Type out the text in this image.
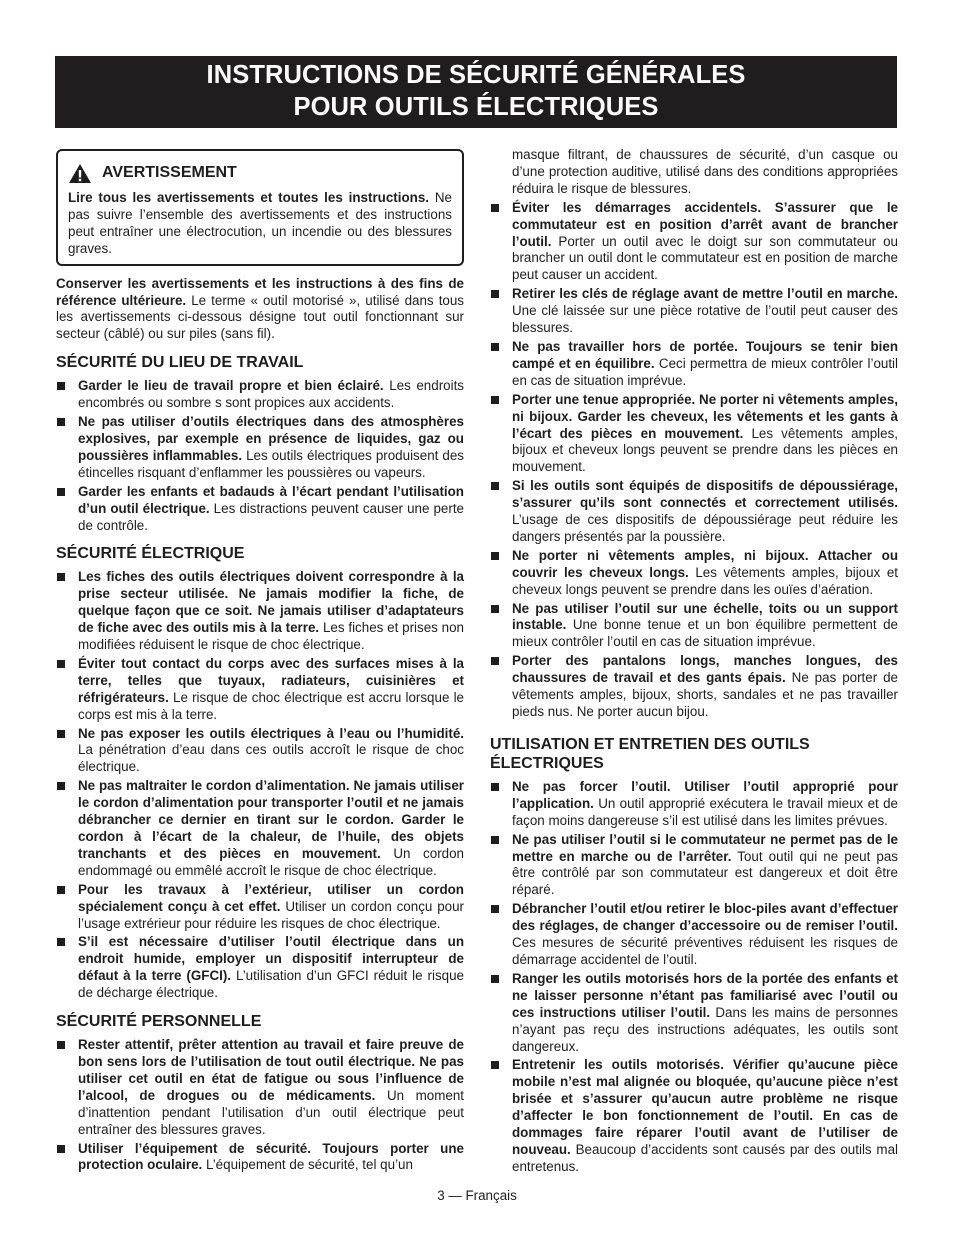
INSTRUCTIONS DE SÉCURITÉ GÉNÉRALES
POUR OUTILS ÉLECTRIQUES
AVERTISSEMENT

Lire tous les avertissements et toutes les instructions. Ne pas suivre l’ensemble des avertissements et des instructions peut entraîner une électrocution, un incendie ou des blessures graves.

Conserver les avertissements et les instructions à des fins de référence ultérieure. Le terme « outil motorisé », utilisé dans tous les avertissements ci-dessous désigne tout outil fonctionnant sur secteur (câblé) ou sur piles (sans fil).

SÉCURITÉ DU LIEU DE TRAVAIL
Garder le lieu de travail propre et bien éclairé. Les endroits encombrés ou sombre s sont propices aux accidents.
Ne pas utiliser d’outils électriques dans des atmosphères explosives, par exemple en présence de liquides, gaz ou poussières inflammables. Les outils électriques produisent des étincelles risquant d’enflammer les poussières ou vapeurs.
Garder les enfants et badauds à l’écart pendant l’utilisation d’un outil électrique. Les distractions peuvent causer une perte de contrôle.
SÉCURITÉ ÉLECTRIQUE
Les fiches des outils électriques doivent correspondre à la prise secteur utilisée. Ne jamais modifier la fiche, de quelque façon que ce soit. Ne jamais utiliser d’adaptateurs de fiche avec des outils mis à la terre. Les fiches et prises non modifiées réduisent le risque de choc électrique.
Éviter tout contact du corps avec des surfaces mises à la terre, telles que tuyaux, radiateurs, cuisinières et réfrigérateurs. Le risque de choc électrique est accru lorsque le corps est mis à la terre.
Ne pas exposer les outils électriques à l’eau ou l’humidité. La pénétration d’eau dans ces outils accroît le risque de choc électrique.
Ne pas maltraiter le cordon d’alimentation. Ne jamais utiliser le cordon d’alimentation pour transporter l’outil et ne jamais débrancher ce dernier en tirant sur le cordon. Garder le cordon à l’écart de la chaleur, de l’huile, des objets tranchants et des pièces en mouvement. Un cordon endommagé ou emmêlé accroît le risque de choc électrique.
Pour les travaux à l’extérieur, utiliser un cordon spécialement conçu à cet effet. Utiliser un cordon conçu pour l’usage extrérieur pour réduire les risques de choc électrique.
S’il est nécessaire d’utiliser l’outil électrique dans un endroit humide, employer un dispositif interrupteur de défaut à la terre (GFCI). L’utilisation d’un GFCI réduit le risque de décharge électrique.
SÉCURITÉ PERSONNELLE
Rester attentif, prêter attention au travail et faire preuve de bon sens lors de l’utilisation de tout outil électrique. Ne pas utiliser cet outil en état de fatigue ou sous l’influence de l’alcool, de drogues ou de médicaments. Un moment d’inattention pendant l’utilisation d’un outil électrique peut entraîner des blessures graves.
Utiliser l’équipement de sécurité. Toujours porter une protection oculaire. L’équipement de sécurité, tel qu’un
masque filtrant, de chaussures de sécurité, d’un casque ou d’une protection auditive, utilisé dans des conditions appropriées réduira le risque de blessures.
Éviter les démarrages accidentels. S’assurer que le commutateur est en position d’arrêt avant de brancher l’outil. Porter un outil avec le doigt sur son commutateur ou brancher un outil dont le commutateur est en position de marche peut causer un accident.
Retirer les clés de réglage avant de mettre l’outil en marche. Une clé laissée sur une pièce rotative de l’outil peut causer des blessures.
Ne pas travailler hors de portée. Toujours se tenir bien campé et en équilibre. Ceci permettra de mieux contrôler l’outil en cas de situation imprévue.
Porter une tenue appropriée. Ne porter ni vêtements amples, ni bijoux. Garder les cheveux, les vêtements et les gants à l’écart des pièces en mouvement. Les vêtements amples, bijoux et cheveux longs peuvent se prendre dans les pièces en mouvement.
Si les outils sont équipés de dispositifs de dépoussiérage, s’assurer qu’ils sont connectés et correctement utilisés. L’usage de ces dispositifs de dépoussiérage peut réduire les dangers présentés par la poussière.
Ne porter ni vêtements amples, ni bijoux. Attacher ou couvrir les cheveux longs. Les vêtements amples, bijoux et cheveux longs peuvent se prendre dans les ouïes d’aération.
Ne pas utiliser l’outil sur une échelle, toits ou un support instable. Une bonne tenue et un bon équilibre permettent de mieux contrôler l’outil en cas de situation imprévue.
Porter des pantalons longs, manches longues, des chaussures de travail et des gants épais. Ne pas porter de vêtements amples, bijoux, shorts, sandales et ne pas travailler pieds nus. Ne porter aucun bijou.
UTILISATION ET ENTRETIEN DES OUTILS ÉLECTRIQUES
Ne pas forcer l’outil. Utiliser l’outil approprié pour l’application. Un outil approprié exécutera le travail mieux et de façon moins dangereuse s’il est utilisé dans les limites prévues.
Ne pas utiliser l’outil si le commutateur ne permet pas de le mettre en marche ou de l’arrêter. Tout outil qui ne peut pas être contrôlé par son commutateur est dangereux et doit être réparé.
Débrancher l’outil et/ou retirer le bloc-piles avant d’effectuer des réglages, de changer d’accessoire ou de remiser l’outil. Ces mesures de sécurité préventives réduisent les risques de démarrage accidentel de l’outil.
Ranger les outils motorisés hors de la portée des enfants et ne laisser personne n’étant pas familiarisé avec l’outil ou ces instructions utiliser l’outil. Dans les mains de personnes n’ayant pas reçu des instructions adéquates, les outils sont dangereux.
Entretenir les outils motorisés. Vérifier qu’aucune pièce mobile n’est mal alignée ou bloquée, qu’aucune pièce n’est brisée et s’assurer qu’aucun autre problème ne risque d’affecter le bon fonctionnement de l’outil. En cas de dommages faire réparer l’outil avant de l’utiliser de nouveau. Beaucoup d’accidents sont causés par des outils mal entretenus.
3 — Français
